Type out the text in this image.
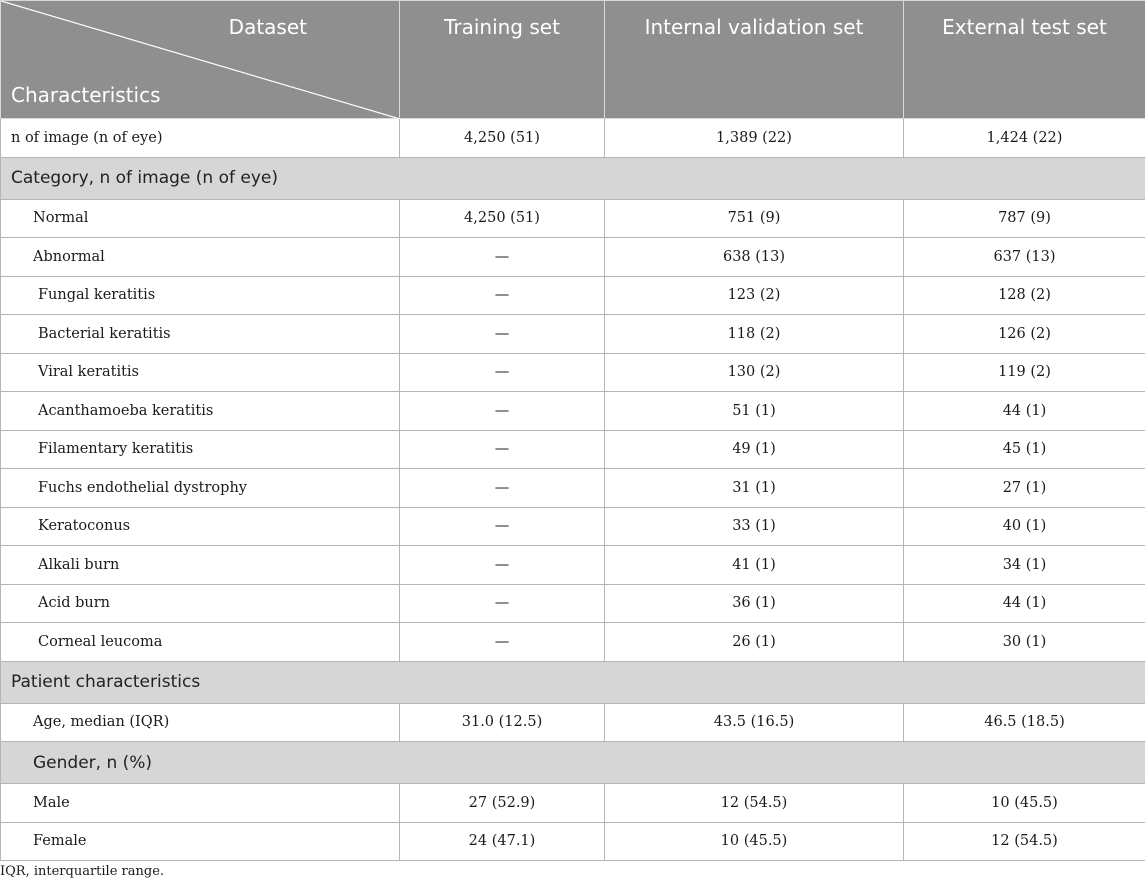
Dataset
Characteristics	Training set	Internal validation set	External test set
n of image (n of eye)	4,250 (51)	1,389 (22)	1,424 (22)
Category, n of image (n of eye)			
Normal	4,250 (51)	751 (9)	787 (9)
Abnormal	—	638 (13)	637 (13)
Fungal keratitis	—	123 (2)	128 (2)
Bacterial keratitis	—	118 (2)	126 (2)
Viral keratitis	—	130 (2)	119 (2)
Acanthamoeba keratitis	—	51 (1)	44 (1)
Filamentary keratitis	—	49 (1)	45 (1)
Fuchs endothelial dystrophy	—	31 (1)	27 (1)
Keratoconus	—	33 (1)	40 (1)
Alkali burn	—	41 (1)	34 (1)
Acid burn	—	36 (1)	44 (1)
Corneal leucoma	—	26 (1)	30 (1)
Patient characteristics			
Age, median (IQR)	31.0 (12.5)	43.5 (16.5)	46.5 (18.5)
Gender, n (%)			
Male	27 (52.9)	12 (54.5)	10 (45.5)
Female	24 (47.1)	10 (45.5)	12 (54.5)
IQR, interquartile range.
